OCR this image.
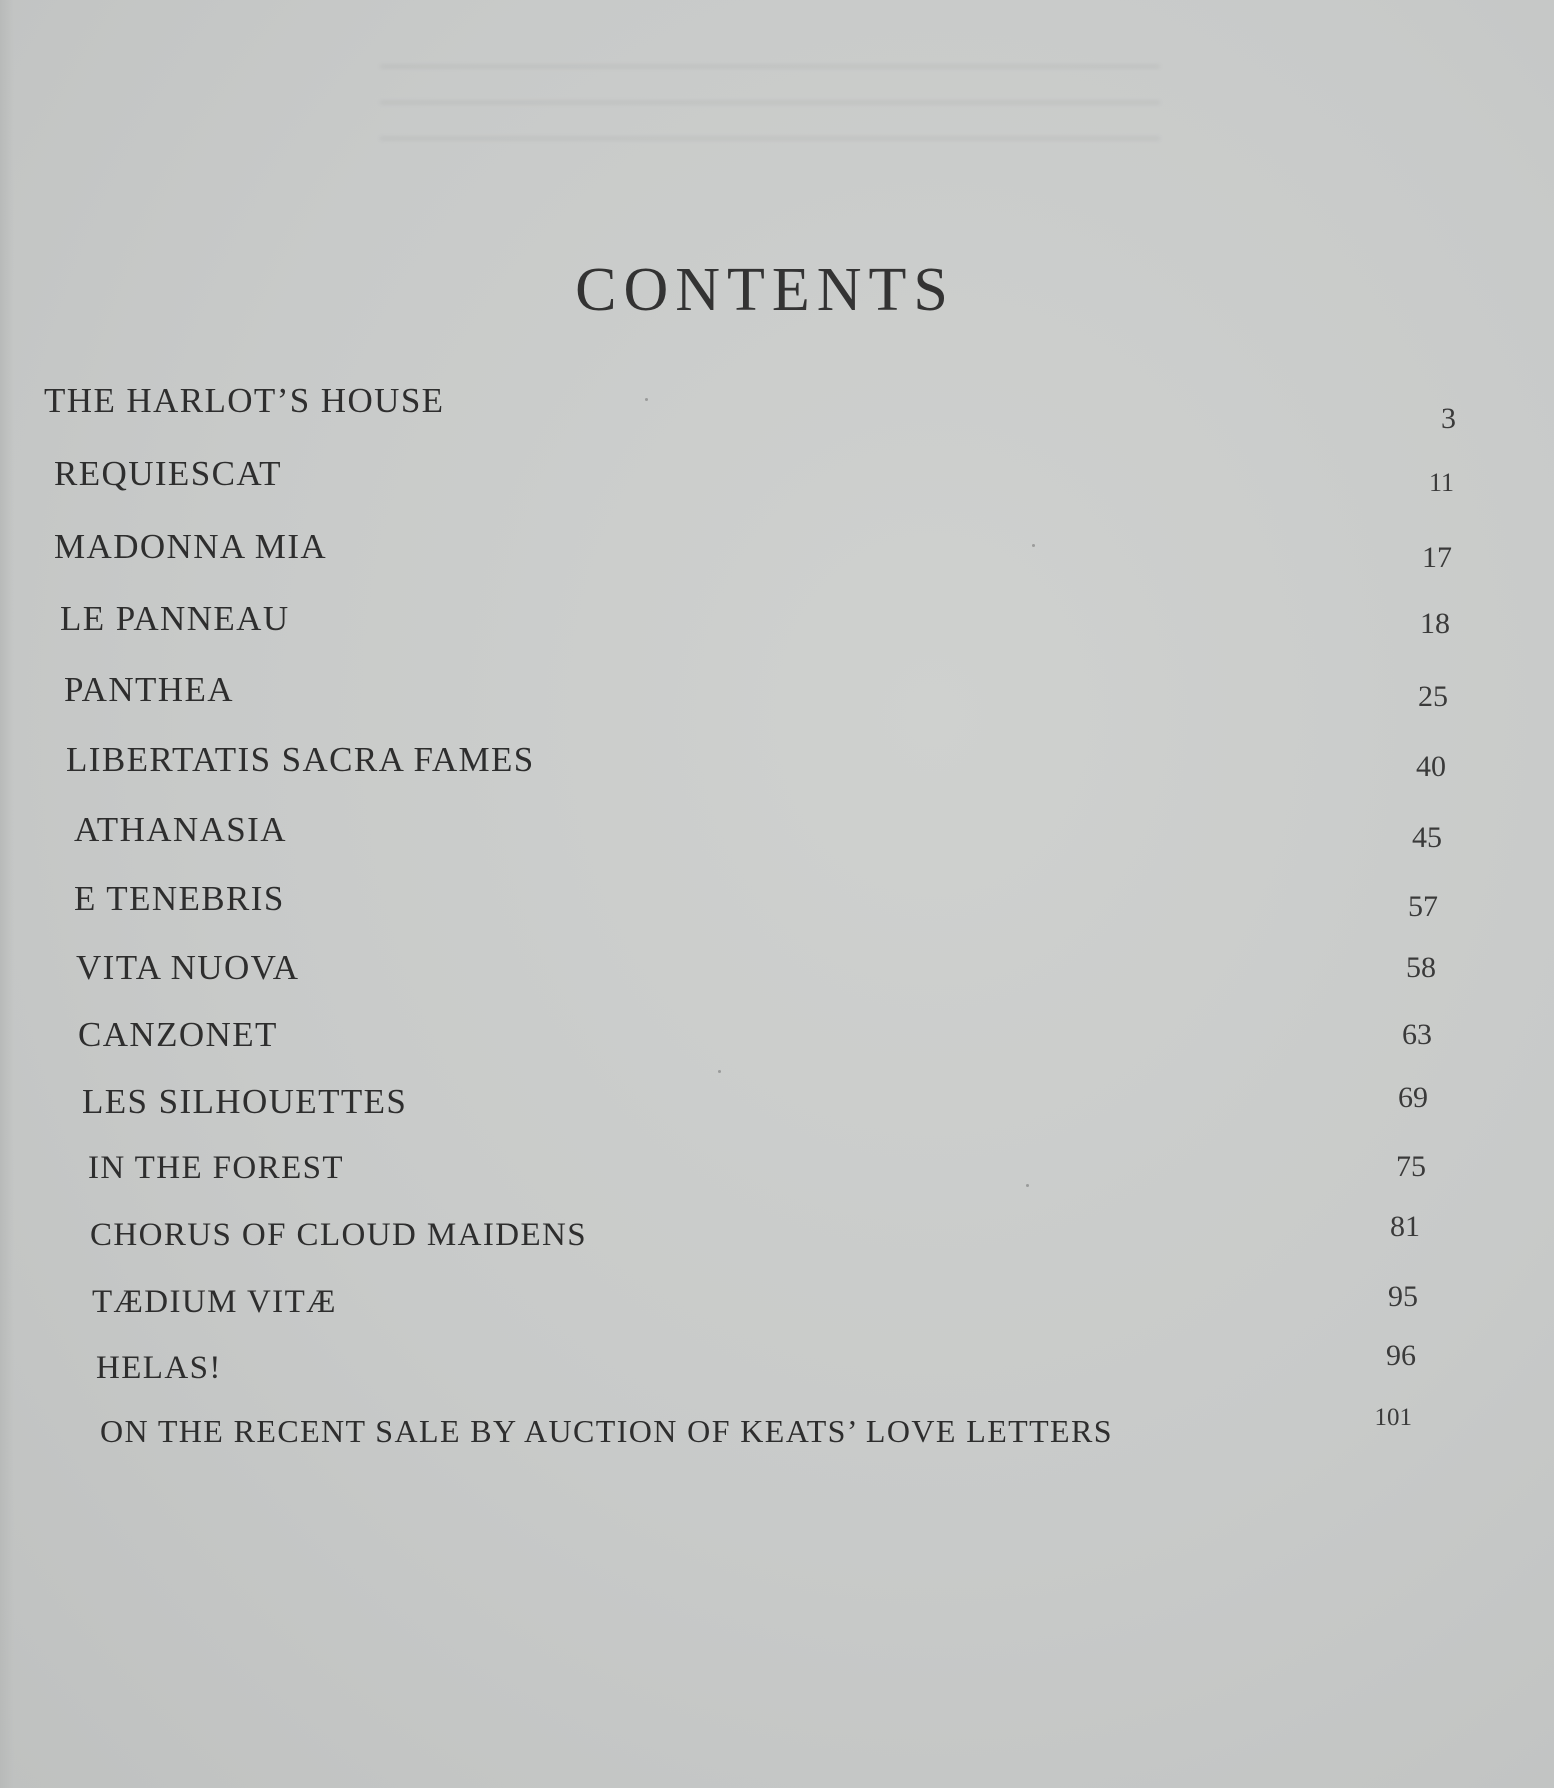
CONTENTS
THE HARLOT’S HOUSE	3
REQUIESCAT	11
MADONNA MIA	17
LE PANNEAU	18
PANTHEA	25
LIBERTATIS SACRA FAMES	40
ATHANASIA	45
E TENEBRIS	57
VITA NUOVA	58
CANZONET	63
LES SILHOUETTES	69
IN THE FOREST	75
CHORUS OF CLOUD MAIDENS	81
TÆDIUM VITÆ	95
HELAS!	96
ON THE RECENT SALE BY AUCTION OF KEATS’ LOVE LETTERS	101
